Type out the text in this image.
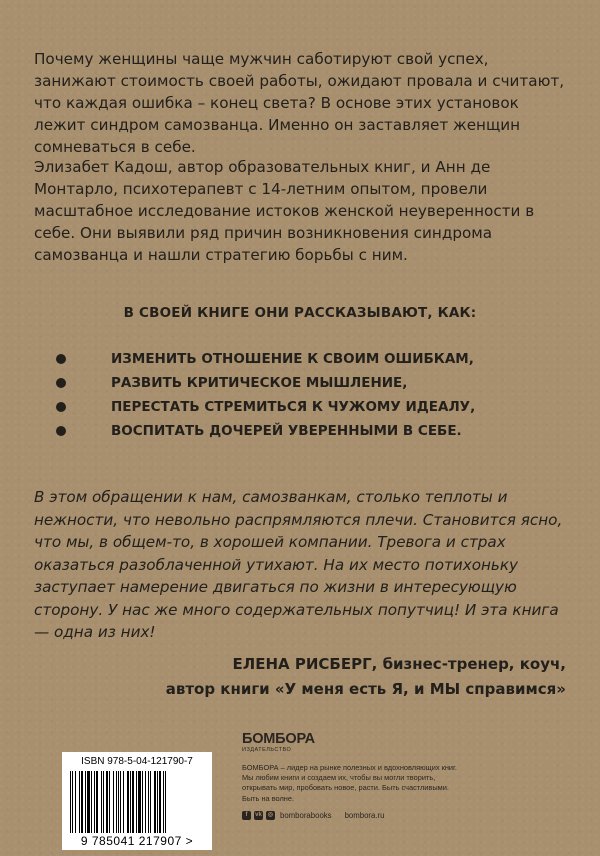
Почему женщины чаще мужчин саботируют свой успех, занижают стоимость своей работы, ожидают провала и считают, что каждая ошибка – конец света? В основе этих установок лежит синдром самозванца. Именно он заставляет женщин сомневаться в себе.

Элизабет Кадош, автор образовательных книг, и Анн де Монтарло, психотерапевт с 14-летним опытом, провели масштабное исследование истоков женской неуверенности в себе. Они выявили ряд причин возникновения синдрома самозванца и нашли стратегию борьбы с ним.

В СВОЕЙ КНИГЕ ОНИ РАССКАЗЫВАЮТ, КАК:
ИЗМЕНИТЬ ОТНОШЕНИЕ К СВОИМ ОШИБКАМ,
РАЗВИТЬ КРИТИЧЕСКОЕ МЫШЛЕНИЕ,
ПЕРЕСТАТЬ СТРЕМИТЬСЯ К ЧУЖОМУ ИДЕАЛУ,
ВОСПИТАТЬ ДОЧЕРЕЙ УВЕРЕННЫМИ В СЕБЕ.

В этом обращении к нам, самозванкам, столько теплоты и нежности, что невольно распрямляются плечи. Становится ясно, что мы, в общем-то, в хорошей компании. Тревога и страх оказаться разоблаченной утихают. На их место потихоньку заступает намерение двигаться по жизни в интересующую сторону. У нас же много содержательных попутчиц! И эта книга — одна из них!

ЕЛЕНА РИСБЕРГ, бизнес-тренер, коуч,
автор книги «У меня есть Я, и МЫ справимся»
ISBN 978-5-04-121790-7
9 785041 217907 >
БОМБОРА
ИЗДАТЕЛЬСТВО
БОМБОРА – лидер на рынке полезных и вдохновляющих книг.
Мы любим книги и создаем их, чтобы вы могли творить, открывать мир, пробовать новое, расти. Быть счастливыми. Быть на волне.
f	vk	◎ bomborabooks bombora.ru
